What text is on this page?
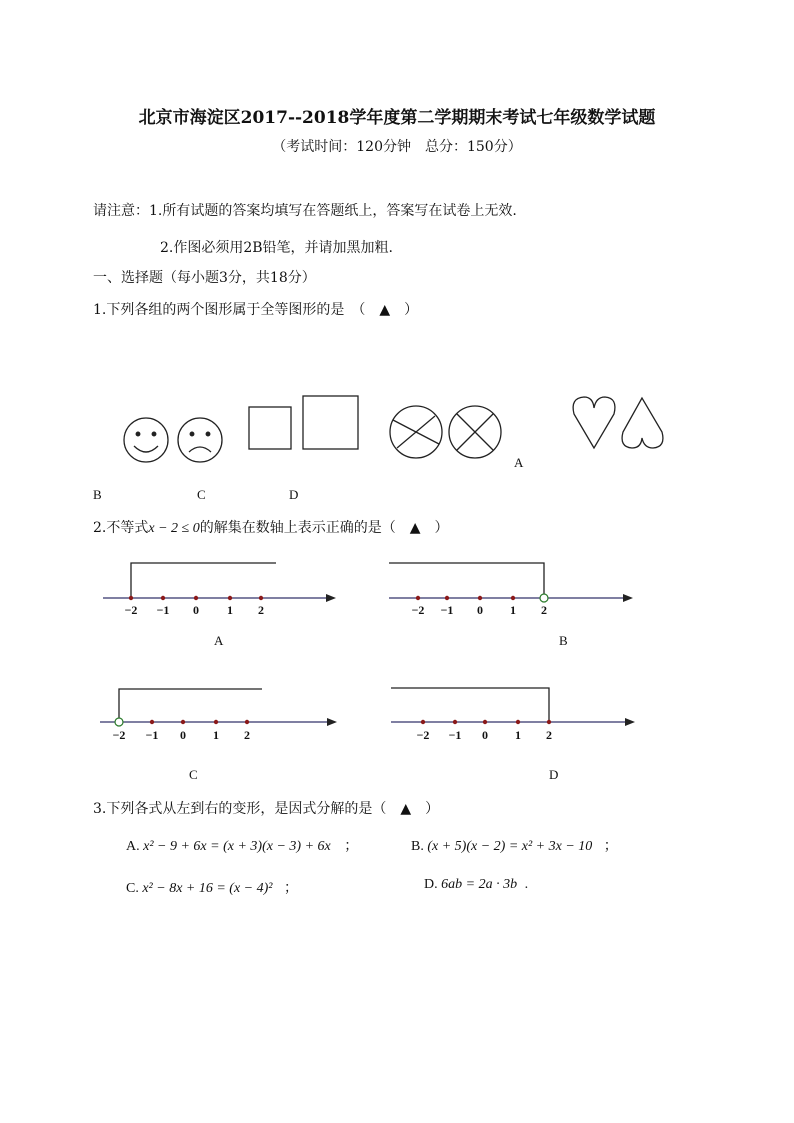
北京市海淀区2017--2018学年度第二学期期末考试七年级数学试题
（考试时间：120分钟　总分：150分）
请注意：1.所有试题的答案均填写在答题纸上，答案写在试卷上无效.
2.作图必须用2B铅笔，并请加黑加粗.
一、选择题（每小题3分，共18分）
1.下列各组的两个图形属于全等图形的是　（　▲　）
−2 −1 0 1 2	−2 −1 0 1 2
−2 −1 0 1 2	−2 −1 0 1 2
A
B	C	D
2.不等式x − 2 ≤ 0的解集在数轴上表示正确的是（　▲　）
A	B
C	D
3.下列各式从左到右的变形，是因式分解的是（　▲　）
A. x² − 9 + 6x = (x + 3)(x − 3) + 6x ；	B. (x + 5)(x − 2) = x² + 3x − 10 ；
C. x² − 8x + 16 = (x − 4)² ；	D. 6ab = 2a · 3b .
